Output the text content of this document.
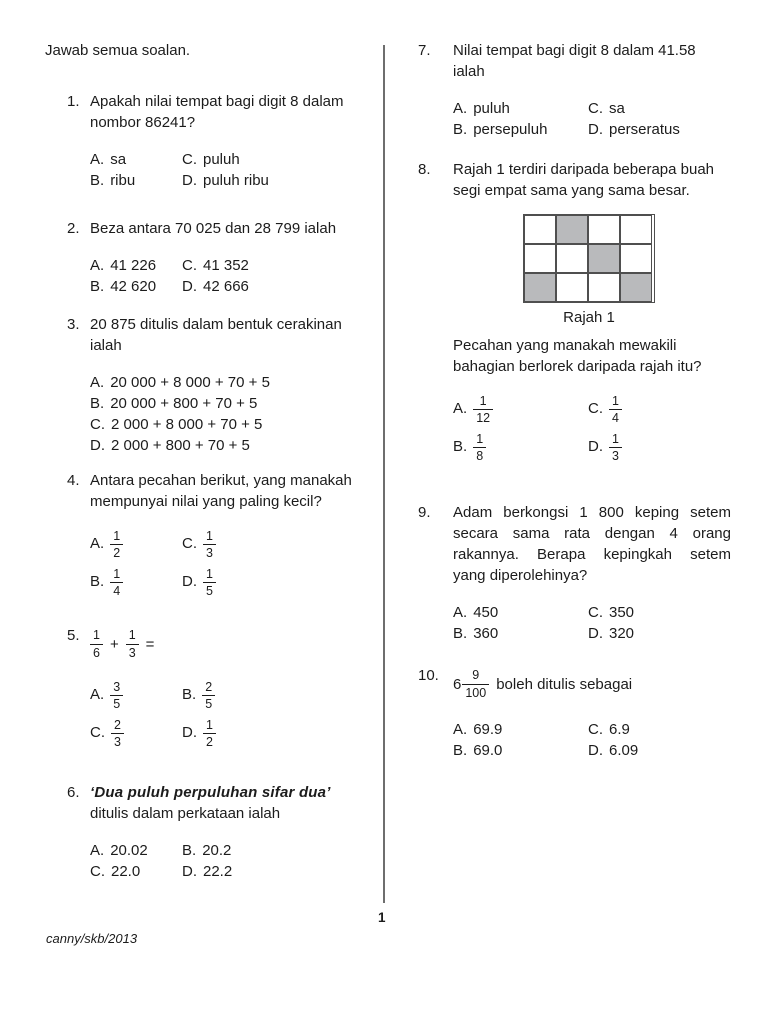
Jawab semua soalan.
1. Apakah nilai tempat bagi digit 8 dalam
nombor 86241?
A. sa	C. puluh
B. ribu	D. puluh ribu
2. Beza antara 70 025 dan 28 799 ialah
A. 41 226	C. 41 352
B. 42 620	D. 42 666
3. 20 875 ditulis dalam bentuk cerakinan ialah
A. 20 000 + 8 000 + 70 + 5
B. 20 000 + 800 + 70 + 5
C. 2 000 + 8 000 + 70 + 5
D. 2 000 + 800 + 70 + 5
4. Antara pecahan berikut, yang manakah
mempunyai nilai yang paling kecil?
A. $\frac{1}{2}$	C. $\frac{1}{3}$
B. $\frac{1}{4}$	D. $\frac{1}{5}$
5. $\frac{1}{6} + \frac{1}{3}$ =
A. $\frac{3}{5}$	B. $\frac{2}{5}$
C. $\frac{2}{3}$	D. $\frac{1}{2}$
6. ‘Dua puluh perpuluhan sifar dua’
ditulis dalam perkataan ialah
A. 20.02	B. 20.2
C. 22.0	D. 22.2
7.	Nilai tempat bagi digit 8 dalam 41.58
ialah
A. puluh	C. sa
B. persepuluh	D. perseratus
8.	Rajah 1 terdiri daripada beberapa buah
segi empat sama yang sama besar.
Rajah 1
Pecahan yang manakah mewakili
bahagian berlorek daripada rajah itu?
A. $\frac{1}{12}$	C. $\frac{1}{4}$
B. $\frac{1}{8}$	D. $\frac{1}{3}$
9.	Adam berkongsi 1 800 keping setem
secara sama rata dengan 4 orang
rakannya. Berapa kepingkah setem
yang diperolehinya?
A. 450	C. 350
B. 360	D. 320
10. $6 \frac{9}{100}$ boleh ditulis sebagai
A. 69.9	C. 6.9
B. 69.0	D. 6.09
1
canny/skb/2013
